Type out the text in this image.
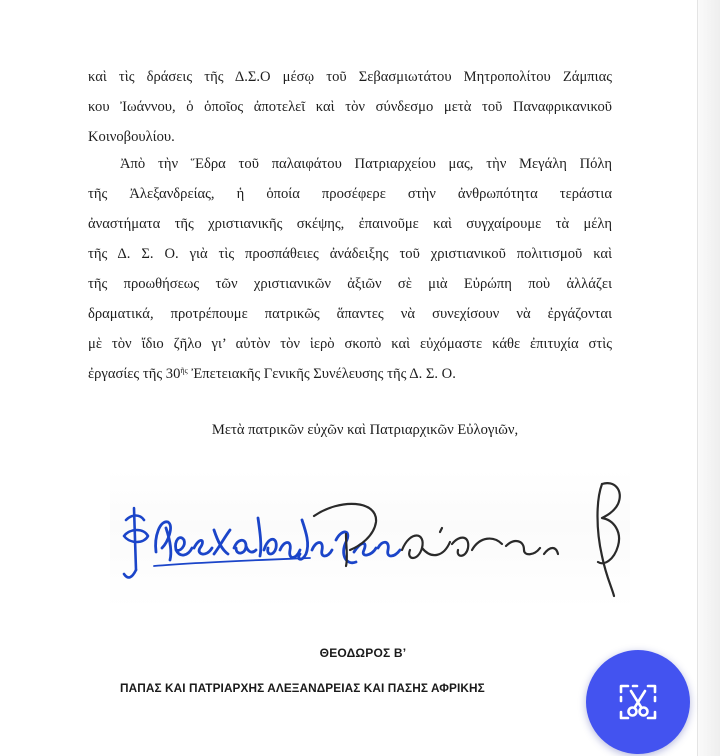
καὶ τὶς δράσεις τῆς Δ.Σ.Ο μέσῳ τοῦ Σεβασμιωτάτου Μητροπολίτου Ζάμπιας
κου Ἰωάννου, ὁ ὁποῖος ἀποτελεῖ καὶ τὸν σύνδεσμο μετὰ τοῦ Παναφρικανικοῦ
Κοινοβουλίου.
Ἀπὸ τὴν Ἕδρα τοῦ παλαιφάτου Πατριαρχείου μας, τὴν Μεγάλη Πόλη
τῆς Ἀλεξανδρείας, ἡ ὁποία προσέφερε στὴν ἀνθρωπότητα τεράστια
ἀναστήματα τῆς χριστιανικῆς σκέψης, ἐπαινοῦμε καὶ συγχαίρουμε τὰ μέλη
τῆς Δ. Σ. Ο. γιὰ τὶς προσπάθειες ἀνάδειξης τοῦ χριστιανικοῦ πολιτισμοῦ καὶ
τῆς προωθήσεως τῶν χριστιανικῶν ἀξιῶν σὲ μιὰ Εὐρώπη ποὺ ἀλλάζει
δραματικά, προτρέπουμε πατρικῶς ἅπαντες νὰ συνεχίσουν νὰ ἐργάζονται
μὲ τὸν ἴδιο ζῆλο γι’ αὐτὸν τὸν ἱερὸ σκοπὸ καὶ εὐχόμαστε κάθε ἐπιτυχία στὶς
ἐργασίες τῆς $30^{ῆ\varsigma}$ Ἐπετειακῆς Γενικῆς Συνέλευσης τῆς Δ. Σ. Ο.

Μετὰ πατρικῶν εὐχῶν καὶ Πατριαρχικῶν Εὐλογιῶν,

ΘΕΟΔΩΡΟΣ Β’

ΠΑΠΑΣ ΚΑΙ ΠΑΤΡΙΑΡΧΗΣ ΑΛΕΞΑΝΔΡΕΙΑΣ ΚΑΙ ΠΑΣΗΣ ΑΦΡΙΚΗΣ
